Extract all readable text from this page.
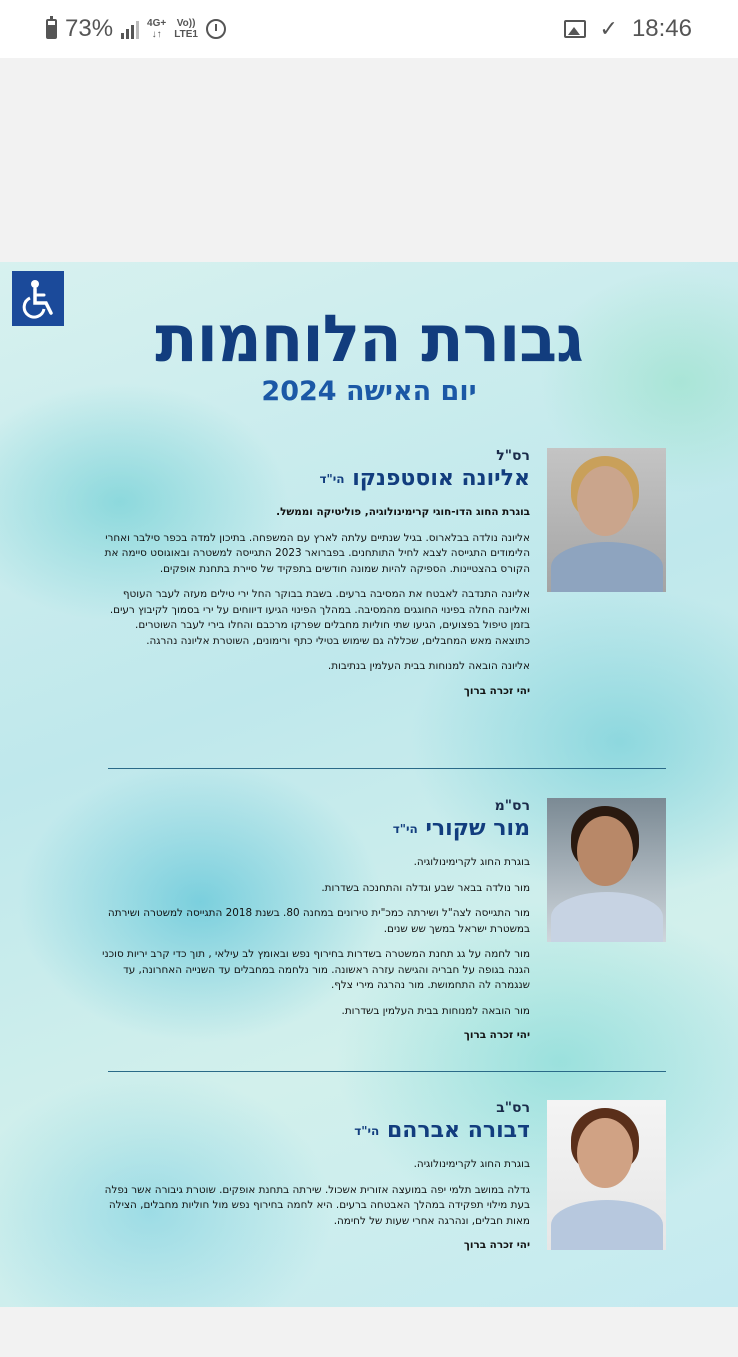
73%	4G+
↓↑
Vo))
LTE1	✓ 18:46
גבורת הלוחמות
יום האישה 2024
רס"ל
אליונה אוסטפנקו הי"ד
בוגרת החוג הדו-חוגי קרימינולוגיה, פוליטיקה וממשל.
אליונה נולדה בבלארוס. בגיל שנתיים עלתה לארץ עם המשפחה. בתיכון למדה בכפר סילבר ואחרי הלימודים התגייסה לצבא לחיל התותחנים. בפברואר 2023 התגייסה למשטרה ובאוגוסט סיימה את הקורס בהצטיינות. הספיקה להיות שמונה חודשים בתפקיד של סיירת בתחנת אופקים.
אליונה התנדבה לאבטח את המסיבה ברעים. בשבת בבוקר החל ירי טילים מעזה לעבר העוטף ואליונה החלה בפינוי החוגגים מהמסיבה. במהלך הפינוי הגיעו דיווחים על ירי בסמוך לקיבוץ רעים. בזמן טיפול בפצועים, הגיעו שתי חוליות מחבלים שפרקו מרכבם והחלו בירי לעבר השוטרים. כתוצאה מאש המחבלים, שכללה גם שימוש בטילי כתף ורימונים, השוטרת אליונה נהרגה.
אליונה הובאה למנוחות בבית העלמין בנתיבות.
יהי זכרה ברוך
רס"מ
מור שקורי הי"ד
בוגרת החוג לקרימינולוגיה.
מור נולדה בבאר שבע וגדלה והתחנכה בשדרות.
מור התגייסה לצה"ל ושירתה כמכ"ית טירונים במחנה 80. בשנת 2018 התגייסה למשטרה ושירתה במשטרת ישראל במשך שש שנים.
מור לחמה על גג תחנת המשטרה בשדרות בחירוף נפש ובאומץ לב עילאי , תוך כדי קרב יריות סוכני הגנה בגופה על חבריה והגישה עזרה ראשונה. מור נלחמה במחבלים עד השנייה האחרונה, עד שנגמרה לה התחמושת. מור נהרגה מירי צלף.
מור הובאה למנוחות בבית העלמין בשדרות.
יהי זכרה ברוך
רס"ב
דבורה אברהם הי"ד
בוגרת החוג לקרימינולוגיה.
גדלה במושב תלמי יפה במועצה אזורית אשכול. שירתה בתחנת אופקים. שוטרת גיבורה אשר נפלה בעת מילוי תפקידה במהלך האבטחה ברעים. היא לחמה בחירוף נפש מול חוליות מחבלים, הצילה מאות חבלים, ונהרגה אחרי שעות של לחימה.
יהי זכרה ברוך
